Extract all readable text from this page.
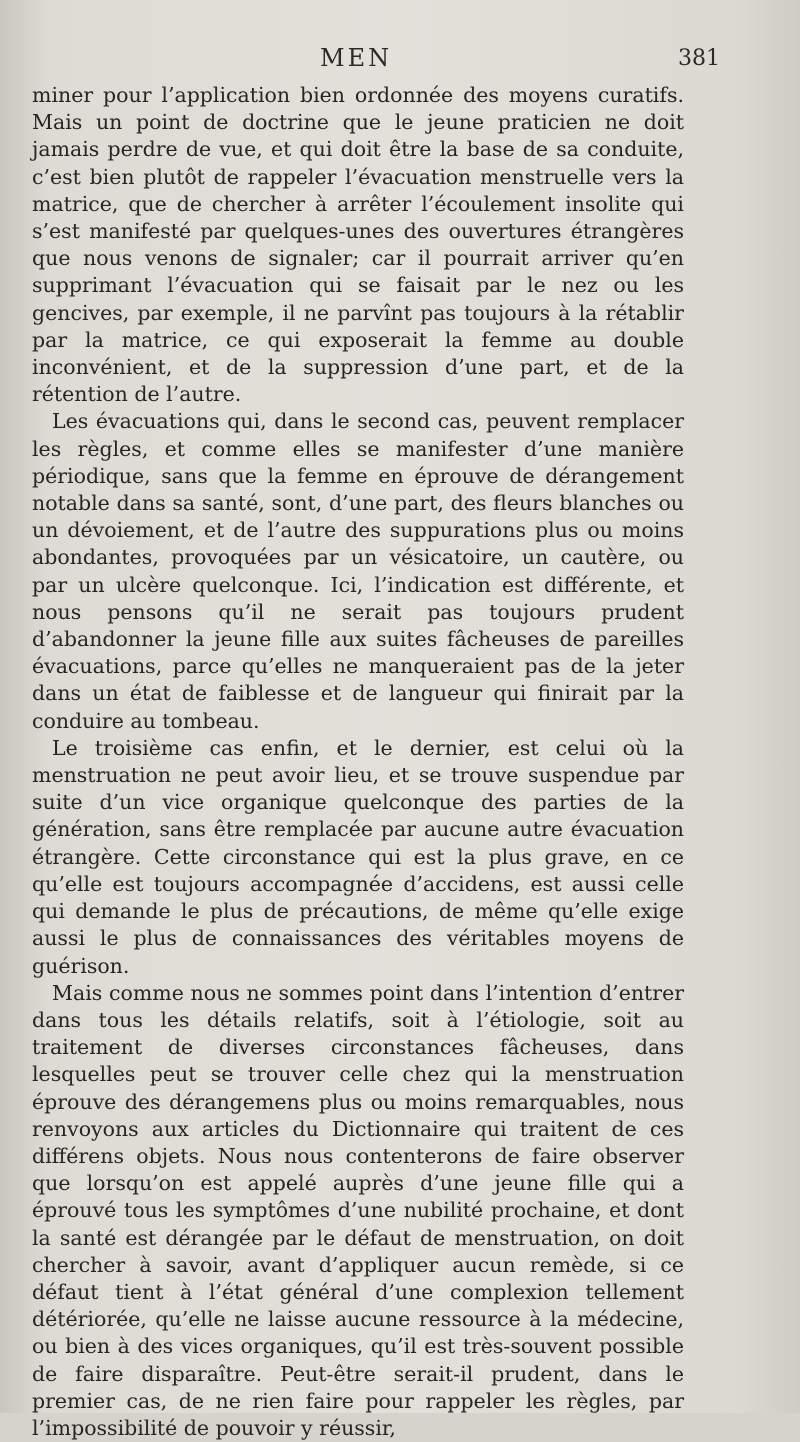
MEN	381

miner pour l’application bien ordonnée des moyens curatifs. Mais un point de doctrine que le jeune praticien ne doit jamais perdre de vue, et qui doit être la base de sa conduite, c’est bien plutôt de rappeler l’évacuation menstruelle vers la matrice, que de chercher à arrêter l’écoulement insolite qui s’est manifesté par quelques-unes des ouvertures étrangères que nous venons de signaler; car il pourrait arriver qu’en supprimant l’évacuation qui se faisait par le nez ou les gencives, par exemple, il ne parvînt pas toujours à la rétablir par la matrice, ce qui exposerait la femme au double inconvénient, et de la suppression d’une part, et de la rétention de l’autre.

Les évacuations qui, dans le second cas, peuvent remplacer les règles, et comme elles se manifester d’une manière périodique, sans que la femme en éprouve de dérangement notable dans sa santé, sont, d’une part, des fleurs blanches ou un dévoiement, et de l’autre des suppurations plus ou moins abondantes, provoquées par un vésicatoire, un cautère, ou par un ulcère quelconque. Ici, l’indication est différente, et nous pensons qu’il ne serait pas toujours prudent d’abandonner la jeune fille aux suites fâcheuses de pareilles évacuations, parce qu’elles ne manqueraient pas de la jeter dans un état de faiblesse et de langueur qui finirait par la conduire au tombeau.

Le troisième cas enfin, et le dernier, est celui où la menstruation ne peut avoir lieu, et se trouve suspendue par suite d’un vice organique quelconque des parties de la génération, sans être remplacée par aucune autre évacuation étrangère. Cette circonstance qui est la plus grave, en ce qu’elle est toujours accompagnée d’accidens, est aussi celle qui demande le plus de précautions, de même qu’elle exige aussi le plus de connaissances des véritables moyens de guérison.

Mais comme nous ne sommes point dans l’intention d’entrer dans tous les détails relatifs, soit à l’étiologie, soit au traitement de diverses circonstances fâcheuses, dans lesquelles peut se trouver celle chez qui la menstruation éprouve des dérangemens plus ou moins remarquables, nous renvoyons aux articles du Dictionnaire qui traitent de ces différens objets. Nous nous contenterons de faire observer que lorsqu’on est appelé auprès d’une jeune fille qui a éprouvé tous les symptômes d’une nubilité prochaine, et dont la santé est dérangée par le défaut de menstruation, on doit chercher à savoir, avant d’appliquer aucun remède, si ce défaut tient à l’état général d’une complexion tellement détériorée, qu’elle ne laisse aucune ressource à la médecine, ou bien à des vices organiques, qu’il est très-souvent possible de faire disparaître. Peut-être serait-il prudent, dans le premier cas, de ne rien faire pour rappeler les règles, par l’impossibilité de pouvoir y réussir,
